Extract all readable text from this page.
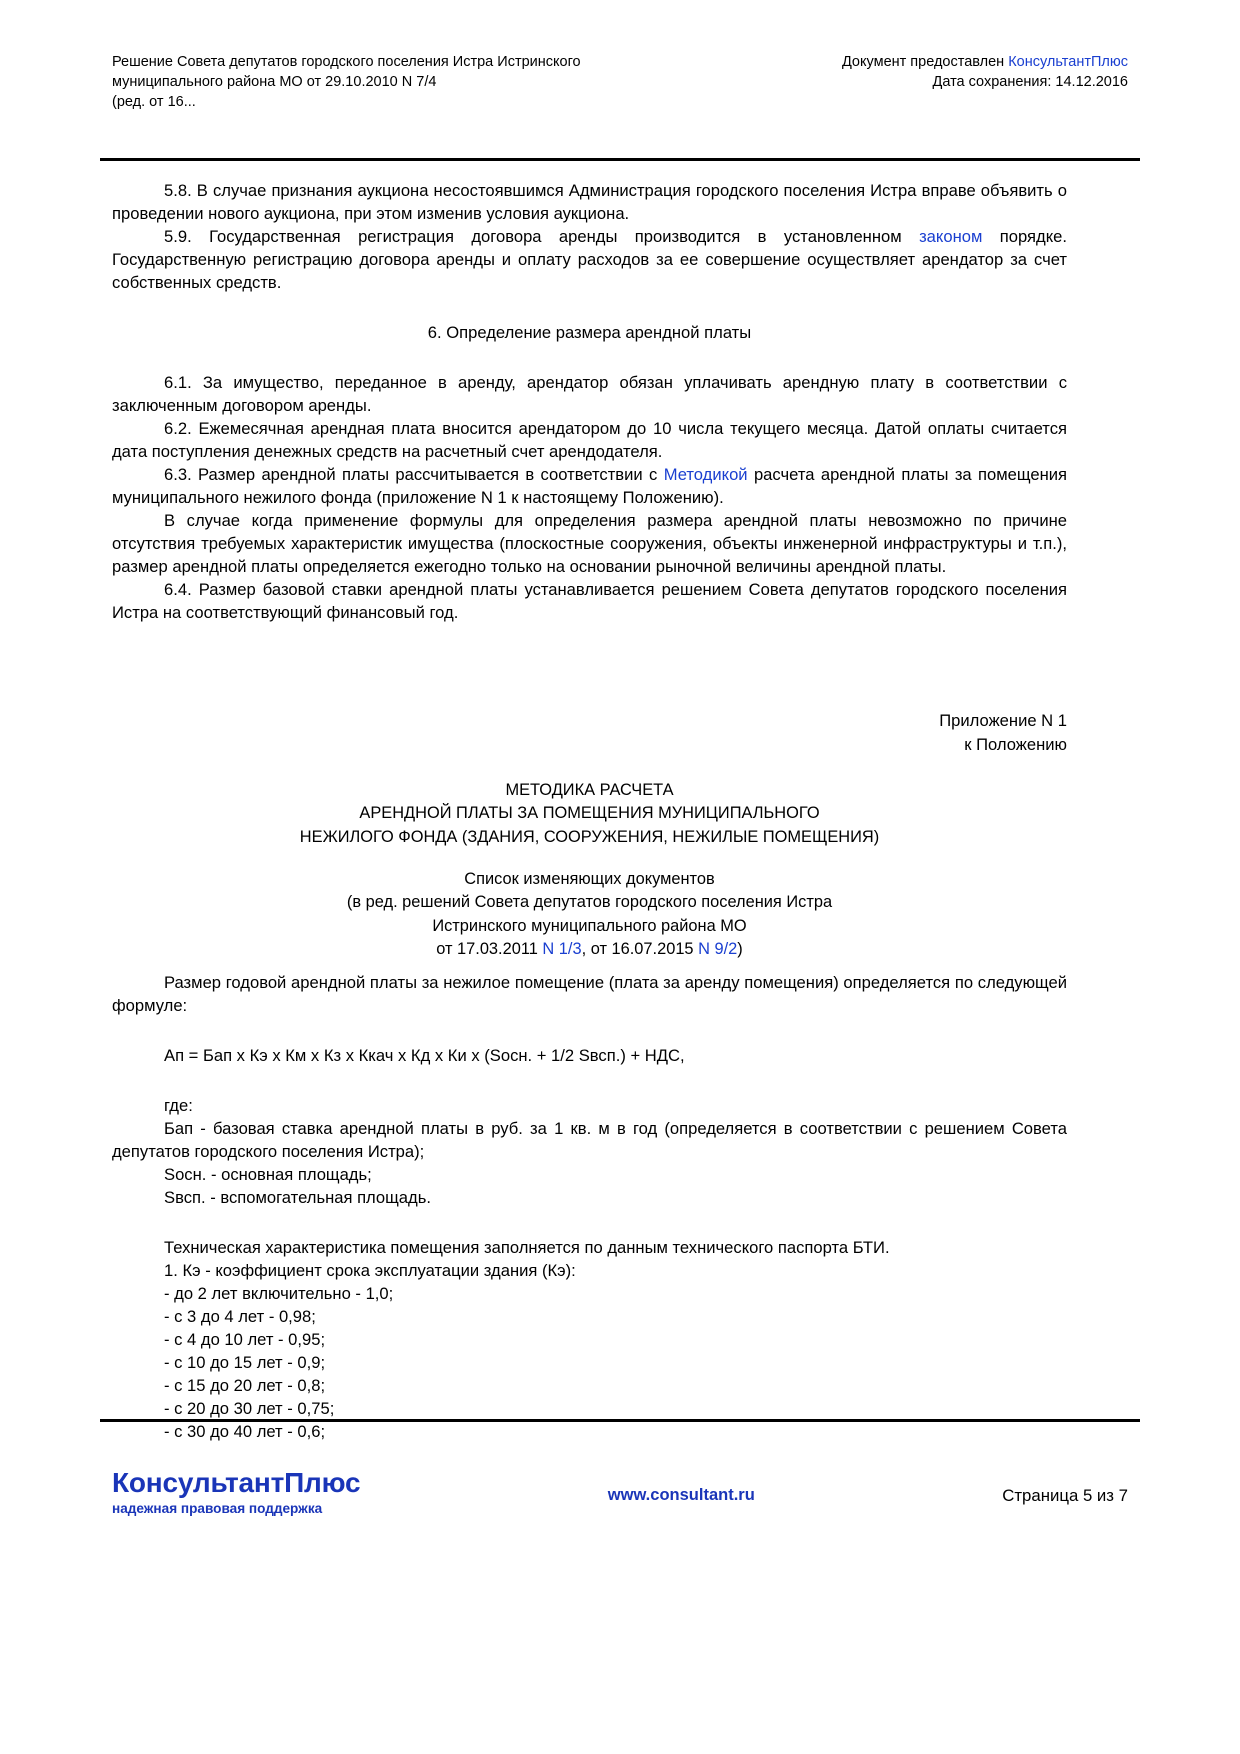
Решение Совета депутатов городского поселения Истра Истринского
муниципального района МО от 29.10.2010 N 7/4
(ред. от 16...
Документ предоставлен КонсультантПлюс
Дата сохранения: 14.12.2016

5.8. В случае признания аукциона несостоявшимся Администрация городского поселения Истра вправе объявить о проведении нового аукциона, при этом изменив условия аукциона.

5.9. Государственная регистрация договора аренды производится в установленном законом порядке. Государственную регистрацию договора аренды и оплату расходов за ее совершение осуществляет арендатор за счет собственных средств.

6. Определение размера арендной платы

6.1. За имущество, переданное в аренду, арендатор обязан уплачивать арендную плату в соответствии с заключенным договором аренды.

6.2. Ежемесячная арендная плата вносится арендатором до 10 числа текущего месяца. Датой оплаты считается дата поступления денежных средств на расчетный счет арендодателя.

6.3. Размер арендной платы рассчитывается в соответствии с Методикой расчета арендной платы за помещения муниципального нежилого фонда (приложение N 1 к настоящему Положению).

В случае когда применение формулы для определения размера арендной платы невозможно по причине отсутствия требуемых характеристик имущества (плоскостные сооружения, объекты инженерной инфраструктуры и т.п.), размер арендной платы определяется ежегодно только на основании рыночной величины арендной платы.

6.4. Размер базовой ставки арендной платы устанавливается решением Совета депутатов городского поселения Истра на соответствующий финансовый год.

Приложение N 1
к Положению
МЕТОДИКА РАСЧЕТА
АРЕНДНОЙ ПЛАТЫ ЗА ПОМЕЩЕНИЯ МУНИЦИПАЛЬНОГО
НЕЖИЛОГО ФОНДА (ЗДАНИЯ, СООРУЖЕНИЯ, НЕЖИЛЫЕ ПОМЕЩЕНИЯ)
Список изменяющих документов
(в ред. решений Совета депутатов городского поселения Истра
Истринского муниципального района МО
от 17.03.2011 N 1/3, от 16.07.2015 N 9/2)

Размер годовой арендной платы за нежилое помещение (плата за аренду помещения) определяется по следующей формуле:

Ап = Бап х Кэ х Км х Кз х Ккач х Кд х Ки х (Sосн. + 1/2 Sвсп.) + НДС,

где:

Бап - базовая ставка арендной платы в руб. за 1 кв. м в год (определяется в соответствии с решением Совета депутатов городского поселения Истра);

Sосн. - основная площадь;

Sвсп. - вспомогательная площадь.

Техническая характеристика помещения заполняется по данным технического паспорта БТИ.

1. Кэ - коэффициент срока эксплуатации здания (Кэ):

- до 2 лет включительно - 1,0;

- с 3 до 4 лет - 0,98;

- с 4 до 10 лет - 0,95;

- с 10 до 15 лет - 0,9;

- с 15 до 20 лет - 0,8;

- с 20 до 30 лет - 0,75;

- с 30 до 40 лет - 0,6;

КонсультантПлюс
надежная правовая поддержка
www.consultant.ru	Страница 5 из 7
